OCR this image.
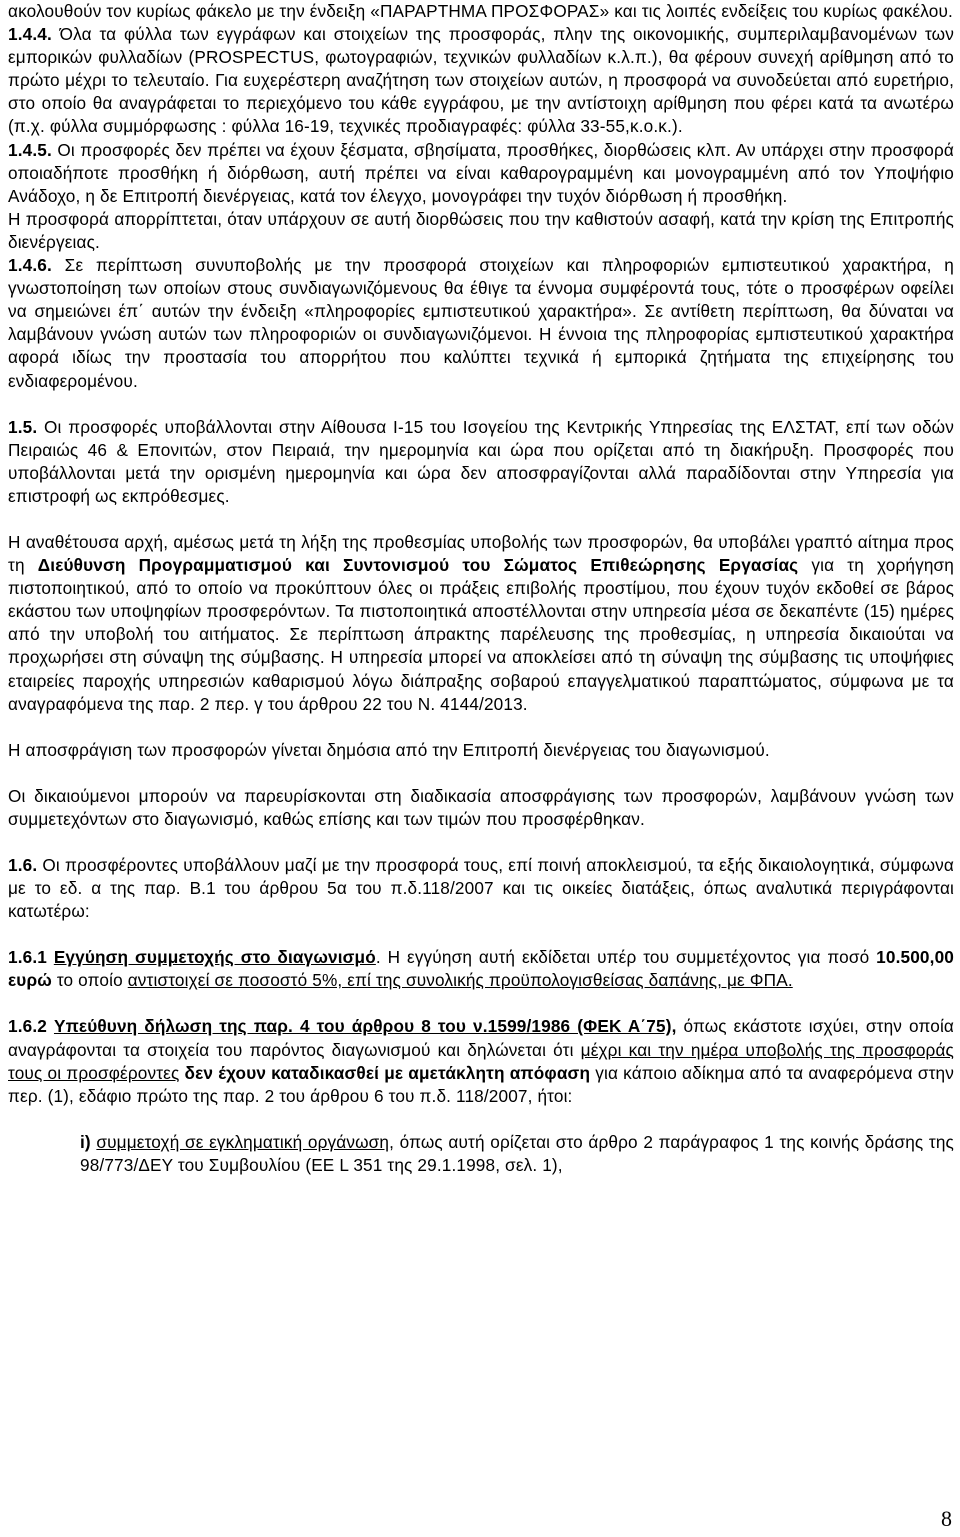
ακολουθούν τον κυρίως φάκελο με την ένδειξη «ΠΑΡΑΡΤΗΜΑ ΠΡΟΣΦΟΡΑΣ» και τις λοιπές ενδείξεις του κυρίως φακέλου.

1.4.4. Όλα τα φύλλα των εγγράφων και στοιχείων της προσφοράς, πλην της οικονομικής, συμπεριλαμβανομένων των εμπορικών φυλλαδίων (PROSPECTUS, φωτογραφιών, τεχνικών φυλλαδίων κ.λ.π.), θα φέρουν συνεχή αρίθμηση από το πρώτο μέχρι το τελευταίο. Για ευχερέστερη αναζήτηση των στοιχείων αυτών, η προσφορά να συνοδεύεται από ευρετήριο, στο οποίο θα αναγράφεται το περιεχόμενο του κάθε εγγράφου, με την αντίστοιχη αρίθμηση που φέρει κατά τα ανωτέρω (π.χ. φύλλα συμμόρφωσης : φύλλα 16-19, τεχνικές προδιαγραφές: φύλλα 33-55,κ.ο.κ.).

1.4.5. Οι προσφορές δεν πρέπει να έχουν ξέσματα, σβησίματα, προσθήκες, διορθώσεις κλπ. Αν υπάρχει στην προσφορά οποιαδήποτε προσθήκη ή διόρθωση, αυτή πρέπει να είναι καθαρογραμμένη και μονογραμμένη από τον Υποψήφιο Ανάδοχο, η δε Επιτροπή διενέργειας, κατά τον έλεγχο, μονογράφει την τυχόν διόρθωση ή προσθήκη.

Η προσφορά απορρίπτεται, όταν υπάρχουν σε αυτή διορθώσεις που την καθιστούν ασαφή, κατά την κρίση της Επιτροπής διενέργειας.

1.4.6. Σε περίπτωση συνυποβολής με την προσφορά στοιχείων και πληροφοριών εμπιστευτικού χαρακτήρα, η γνωστοποίηση των οποίων στους συνδιαγωνιζόμενους θα έθιγε τα έννομα συμφέροντά τους, τότε ο προσφέρων οφείλει να σημειώνει έπ΄ αυτών την ένδειξη «πληροφορίες εμπιστευτικού χαρακτήρα». Σε αντίθετη περίπτωση, θα δύναται να λαμβάνουν γνώση αυτών των πληροφοριών οι συνδιαγωνιζόμενοι. Η έννοια της πληροφορίας εμπιστευτικού χαρακτήρα αφορά ιδίως την προστασία του απορρήτου που καλύπτει τεχνικά ή εμπορικά ζητήματα της επιχείρησης του ενδιαφερομένου.

1.5. Οι προσφορές υποβάλλονται στην Αίθουσα Ι-15 του Ισογείου της Κεντρικής Υπηρεσίας της ΕΛΣΤΑΤ, επί των οδών Πειραιώς 46 & Επονιτών, στον Πειραιά, την ημερομηνία και ώρα που ορίζεται από τη διακήρυξη. Προσφορές που υποβάλλονται μετά την ορισμένη ημερομηνία και ώρα δεν αποσφραγίζονται αλλά παραδίδονται στην Υπηρεσία για επιστροφή ως εκπρόθεσμες.

Η αναθέτουσα αρχή, αμέσως μετά τη λήξη της προθεσμίας υποβολής των προσφορών, θα υποβάλει γραπτό αίτημα προς τη Διεύθυνση Προγραμματισμού και Συντονισμού του Σώματος Επιθεώρησης Εργασίας για τη χορήγηση πιστοποιητικού, από το οποίο να προκύπτουν όλες οι πράξεις επιβολής προστίμου, που έχουν τυχόν εκδοθεί σε βάρος εκάστου των υποψηφίων προσφερόντων. Τα πιστοποιητικά αποστέλλονται στην υπηρεσία μέσα σε δεκαπέντε (15) ημέρες από την υποβολή του αιτήματος. Σε περίπτωση άπρακτης παρέλευσης της προθεσμίας, η υπηρεσία δικαιούται να προχωρήσει στη σύναψη της σύμβασης. Η υπηρεσία μπορεί να αποκλείσει από τη σύναψη της σύμβασης τις υποψήφιες εταιρείες παροχής υπηρεσιών καθαρισμού λόγω διάπραξης σοβαρού επαγγελματικού παραπτώματος, σύμφωνα με τα αναγραφόμενα της παρ. 2 περ. γ του άρθρου 22 του Ν. 4144/2013.

Η αποσφράγιση των προσφορών γίνεται δημόσια από την Επιτροπή διενέργειας του διαγωνισμού.

Οι δικαιούμενοι μπορούν να παρευρίσκονται στη διαδικασία αποσφράγισης των προσφορών, λαμβάνουν γνώση των συμμετεχόντων στο διαγωνισμό, καθώς επίσης και των τιμών που προσφέρθηκαν.

1.6. Οι προσφέροντες υποβάλλουν μαζί με την προσφορά τους, επί ποινή αποκλεισμού, τα εξής δικαιολογητικά, σύμφωνα με το εδ. α της παρ. Β.1 του άρθρου 5α του π.δ.118/2007 και τις οικείες διατάξεις, όπως αναλυτικά περιγράφονται κατωτέρω:

1.6.1 Εγγύηση συμμετοχής στο διαγωνισμό. Η εγγύηση αυτή εκδίδεται υπέρ του συμμετέχοντος για ποσό 10.500,00 ευρώ το οποίο αντιστοιχεί σε ποσοστό 5%, επί της συνολικής προϋπολογισθείσας δαπάνης, με ΦΠΑ.

1.6.2 Υπεύθυνη δήλωση της παρ. 4 του άρθρου 8 του ν.1599/1986 (ΦΕΚ Α΄75), όπως εκάστοτε ισχύει, στην οποία αναγράφονται τα στοιχεία του παρόντος διαγωνισμού και δηλώνεται ότι μέχρι και την ημέρα υποβολής της προσφοράς τους οι προσφέροντες δεν έχουν καταδικασθεί με αμετάκλητη απόφαση για κάποιο αδίκημα από τα αναφερόμενα στην περ. (1), εδάφιο πρώτο της παρ. 2 του άρθρου 6 του π.δ. 118/2007, ήτοι:

i) συμμετοχή σε εγκληματική οργάνωση, όπως αυτή ορίζεται στο άρθρο 2 παράγραφος 1 της κοινής δράσης της 98/773/ΔΕΥ του Συμβουλίου (ΕΕ L 351 της 29.1.1998, σελ. 1),

8
